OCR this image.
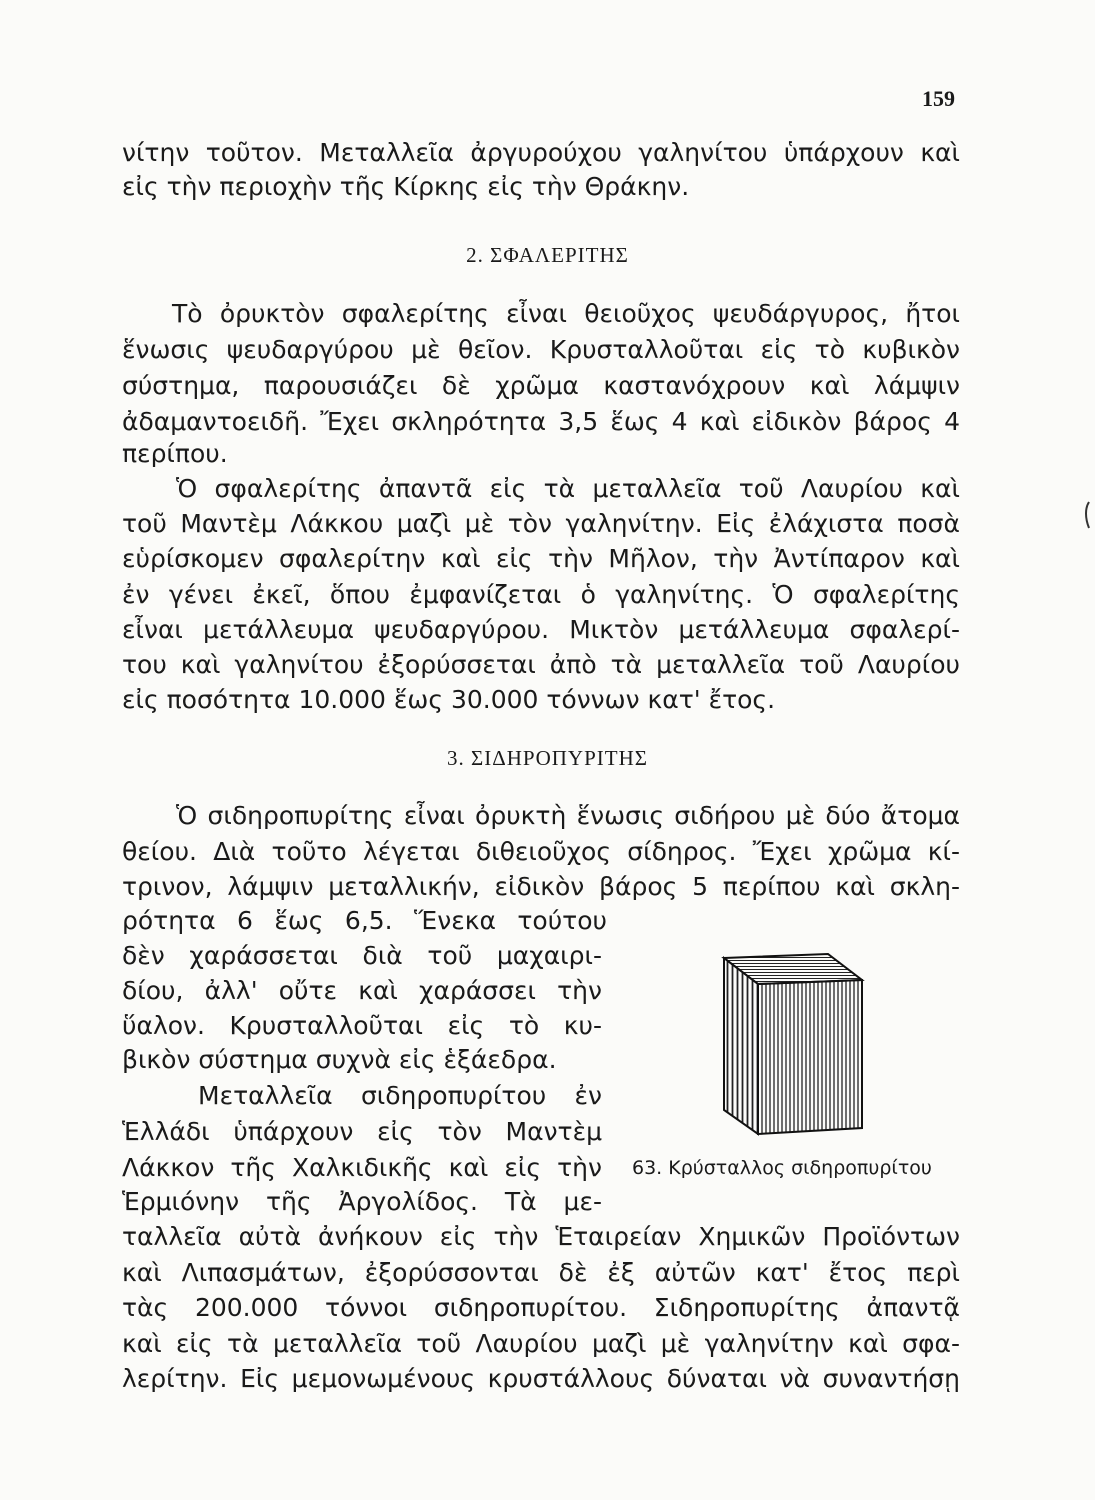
159
νίτην τοῦτον. Μεταλλεῖα ἀργυρούχου γαληνίτου ὑπάρχουν καὶ
εἰς τὴν περιοχὴν τῆς Κίρκης εἰς τὴν Θράκην.
2. ΣΦΑΛΕΡΙΤΗΣ
Τὸ ὀρυκτὸν σφαλερίτης εἶναι θειοῦχος ψευδάργυρος, ἤτοι
ἕνωσις ψευδαργύρου μὲ θεῖον. Κρυσταλλοῦται εἰς τὸ κυβικὸν
σύστημα, παρουσιάζει δὲ χρῶμα καστανόχρουν καὶ λάμψιν
ἀδαμαντοειδῆ. Ἔχει σκληρότητα 3,5 ἕως 4 καὶ εἰδικὸν βάρος 4
περίπου.
Ὁ σφαλερίτης ἀπαντᾶ εἰς τὰ μεταλλεῖα τοῦ Λαυρίου καὶ
τοῦ Μαντὲμ Λάκκου μαζὶ μὲ τὸν γαληνίτην. Εἰς ἐλάχιστα ποσὰ
εὑρίσκομεν σφαλερίτην καὶ εἰς τὴν Μῆλον, τὴν Ἀντίπαρον καὶ
ἐν γένει ἐκεῖ, ὅπου ἐμφανίζεται ὁ γαληνίτης. Ὁ σφαλερίτης
εἶναι μετάλλευμα ψευδαργύρου. Μικτὸν μετάλλευμα σφαλερί-
του καὶ γαληνίτου ἐξορύσσεται ἀπὸ τὰ μεταλλεῖα τοῦ Λαυρίου
εἰς ποσότητα 10.000 ἕως 30.000 τόννων κατ' ἔτος.
3. ΣΙΔΗΡΟΠΥΡΙΤΗΣ
Ὁ σιδηροπυρίτης εἶναι ὀρυκτὴ ἕνωσις σιδήρου μὲ δύο ἄτομα
θείου. Διὰ τοῦτο λέγεται διθειοῦχος σίδηρος. Ἔχει χρῶμα κί-
τρινον, λάμψιν μεταλλικήν, εἰδικὸν βάρος 5 περίπου καὶ σκλη-
ρότητα 6 ἕως 6,5. Ἕνεκα τούτου
δὲν χαράσσεται διὰ τοῦ μαχαιρι-
δίου, ἀλλ' οὔτε καὶ χαράσσει τὴν
ὕαλον. Κρυσταλλοῦται εἰς τὸ κυ-
βικὸν σύστημα συχνὰ εἰς ἑξάεδρα.
Μεταλλεῖα σιδηροπυρίτου ἐν
Ἑλλάδι ὑπάρχουν εἰς τὸν Μαντὲμ
Λάκκον τῆς Χαλκιδικῆς καὶ εἰς τὴν
Ἑρμιόνην τῆς Ἀργολίδος. Τὰ με-
ταλλεῖα αὐτὰ ἀνήκουν εἰς τὴν Ἑταιρείαν Χημικῶν Προϊόντων
καὶ Λιπασμάτων, ἐξορύσσονται δὲ ἐξ αὐτῶν κατ' ἔτος περὶ
τὰς 200.000 τόννοι σιδηροπυρίτου. Σιδηροπυρίτης ἀπαντᾷ
καὶ εἰς τὰ μεταλλεῖα τοῦ Λαυρίου μαζὶ μὲ γαληνίτην καὶ σφα-
λερίτην. Εἰς μεμονωμένους κρυστάλλους δύναται νὰ συναντήσῃ
63. Κρύσταλλος σιδηροπυρίτου
